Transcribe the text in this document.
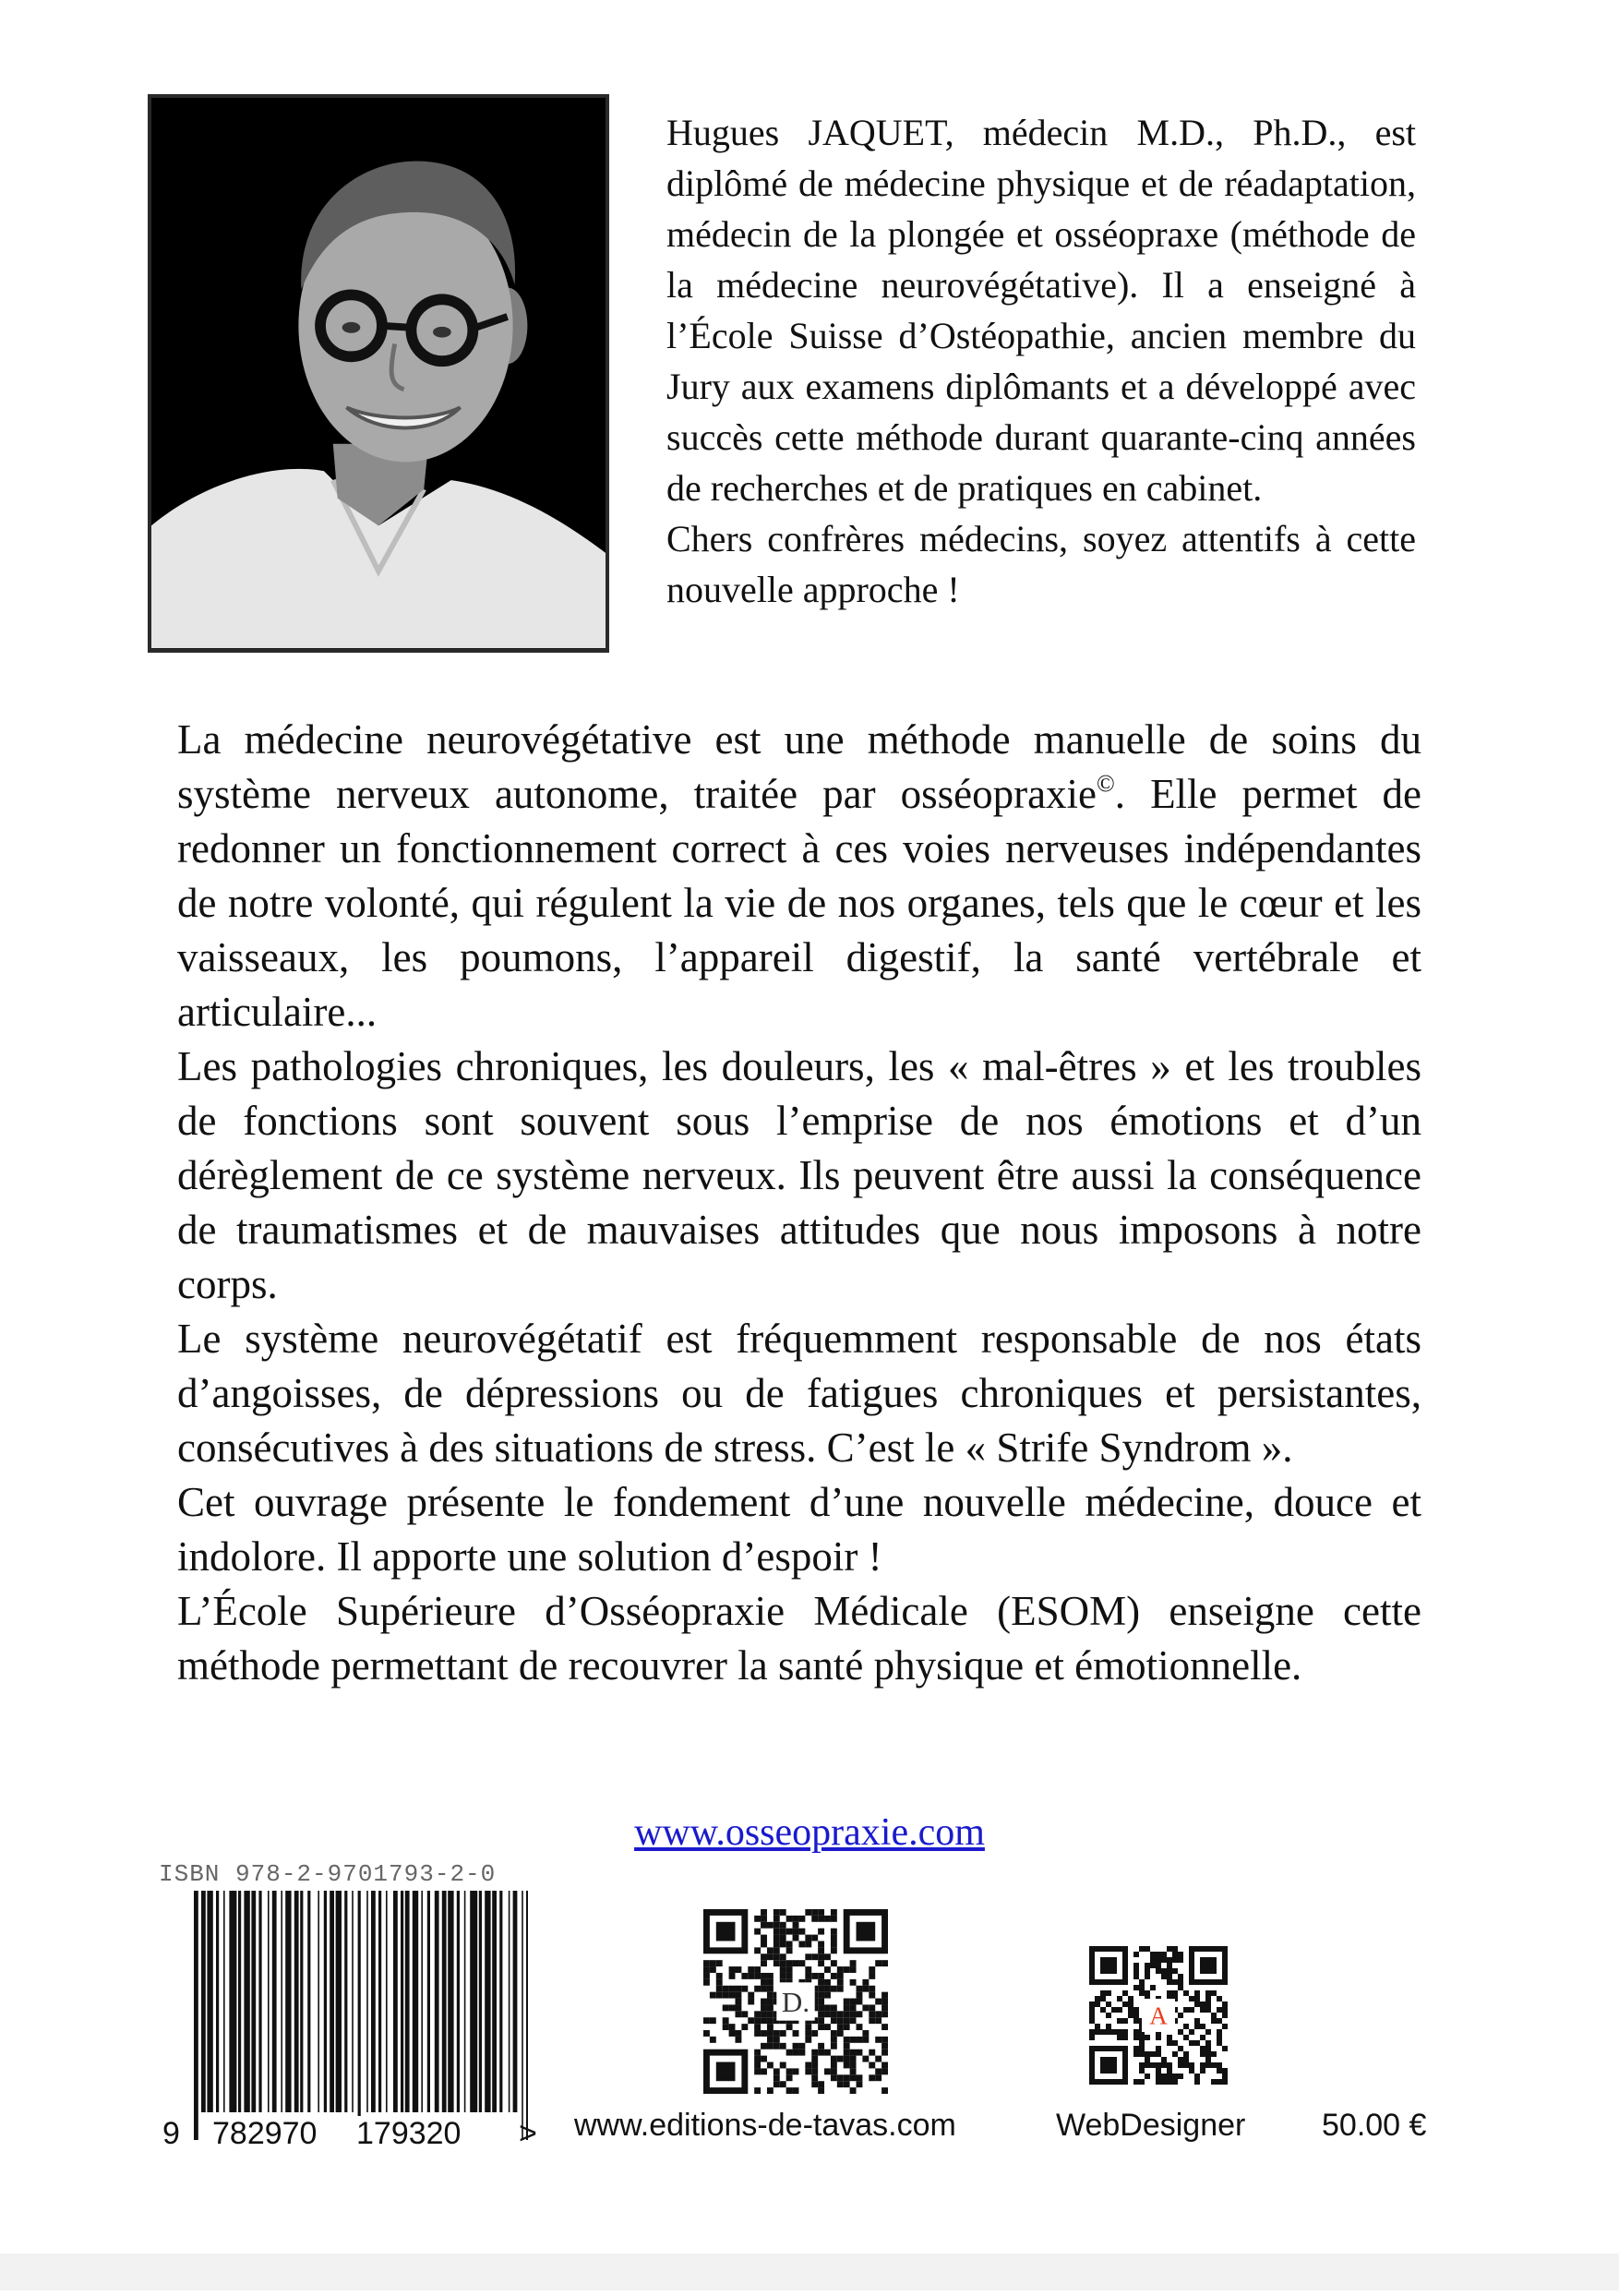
Hugues JAQUET, médecin M.D., Ph.D., est diplômé de médecine physique et de réadaptation, médecin de la plongée et osséopraxe (méthode de la médecine neurovégétative). Il a enseigné à l’École Suisse d’Ostéopathie, ancien membre du Jury aux examens diplômants et a développé avec succès cette méthode durant quarante-cinq années de recherches et de pratiques en cabinet.

Chers confrères médecins, soyez attentifs à cette nouvelle approche !

La médecine neurovégétative est une méthode manuelle de soins du système nerveux autonome, traitée par osséopraxie©. Elle permet de redonner un fonctionnement correct à ces voies nerveuses indépendantes de notre volonté, qui régulent la vie de nos organes, tels que le cœur et les vaisseaux, les poumons, l’appareil digestif, la santé vertébrale et articulaire...

Les pathologies chroniques, les douleurs, les « mal-êtres » et les troubles de fonctions sont souvent sous l’emprise de nos émotions et d’un dérèglement de ce système nerveux. Ils peuvent être aussi la conséquence de traumatismes et de mauvaises attitudes que nous imposons à notre corps.

Le système neurovégétatif est fréquemment responsable de nos états d’angoisses, de dépressions ou de fatigues chroniques et persistantes, consécutives à des situations de stress. C’est le « Strife Syndrom ».

Cet ouvrage présente le fondement d’une nouvelle médecine, douce et indolore. Il apporte une solution d’espoir !

L’École Supérieure d’Osséopraxie Médicale (ESOM) enseigne cette méthode permettant de recouvrer la santé physique et émotionnelle.

www.osseopraxie.com
ISBN 978-2-9701793-2-0

9

782970

179320

>

D.	A
www.editions-de-tavas.com	WebDesigner 50.00 €
